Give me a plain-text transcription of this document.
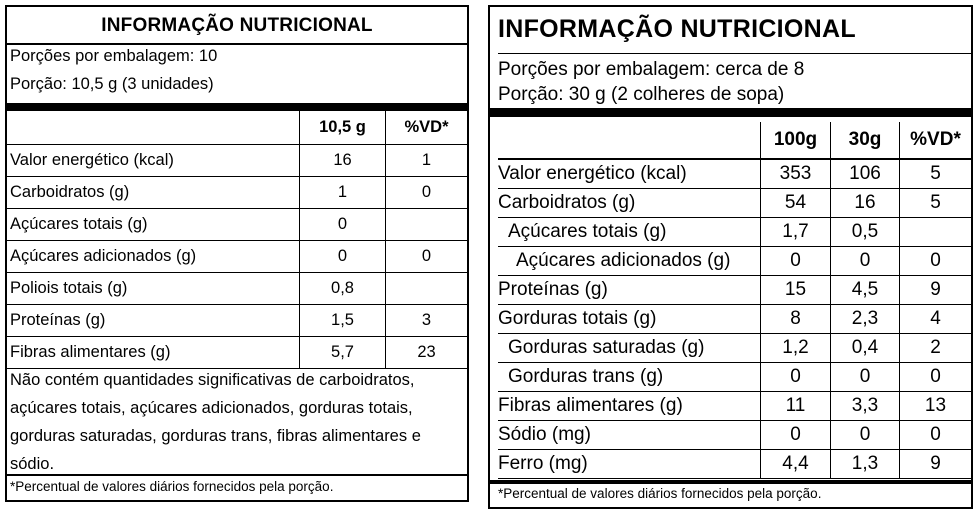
INFORMAÇÃO NUTRICIONAL
Porções por embalagem: 10
Porção: 10,5 g (3 unidades)
10,5 g	%VD*
Valor energético (kcal)	16	1
Carboidratos (g)	1	0
Açúcares totais (g)	0
Açúcares adicionados (g)	0	0
Poliois totais (g)	0,8
Proteínas (g)	1,5	3
Fibras alimentares (g)	5,7	23
Não contém quantidades significativas de carboidratos, açúcares totais, açúcares adicionados, gorduras totais, gorduras saturadas, gorduras trans, fibras alimentares e sódio.
*Percentual de valores diários fornecidos pela porção.
INFORMAÇÃO NUTRICIONAL
Porções por embalagem: cerca de 8
Porção: 30 g (2 colheres de sopa)
100g	30g	%VD*
Valor energético (kcal)	353	106	5
Carboidratos (g)	54	16	5
Açúcares totais (g)	1,7	0,5
Açúcares adicionados (g)	0	0	0
Proteínas (g)	15	4,5	9
Gorduras totais (g)	8	2,3	4
Gorduras saturadas (g)	1,2	0,4	2
Gorduras trans (g)	0	0	0
Fibras alimentares (g)	11	3,3	13
Sódio (mg)	0	0	0
Ferro (mg)	4,4	1,3	9
*Percentual de valores diários fornecidos pela porção.
